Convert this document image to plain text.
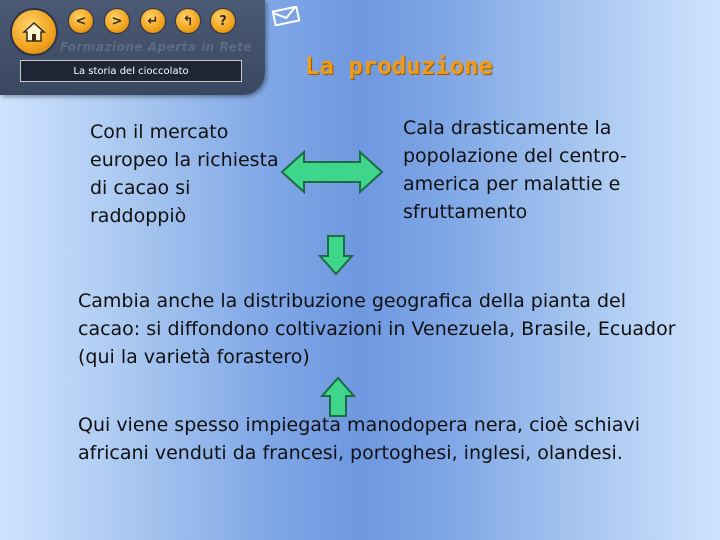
< > ↵ ↰ ?
Formazione Aperta in Rete
La storia del cioccolato	La produzione
Con il mercato europeo la richiesta di cacao si raddoppiò
Cala drasticamente la popolazione del centro-america per malattie e sfruttamento
Cambia anche la distribuzione geografica della pianta del cacao: si diffondono coltivazioni in Venezuela, Brasile, Ecuador (qui la varietà forastero)
Qui viene spesso impiegata manodopera nera, cioè schiavi africani venduti da francesi, portoghesi, inglesi, olandesi.
